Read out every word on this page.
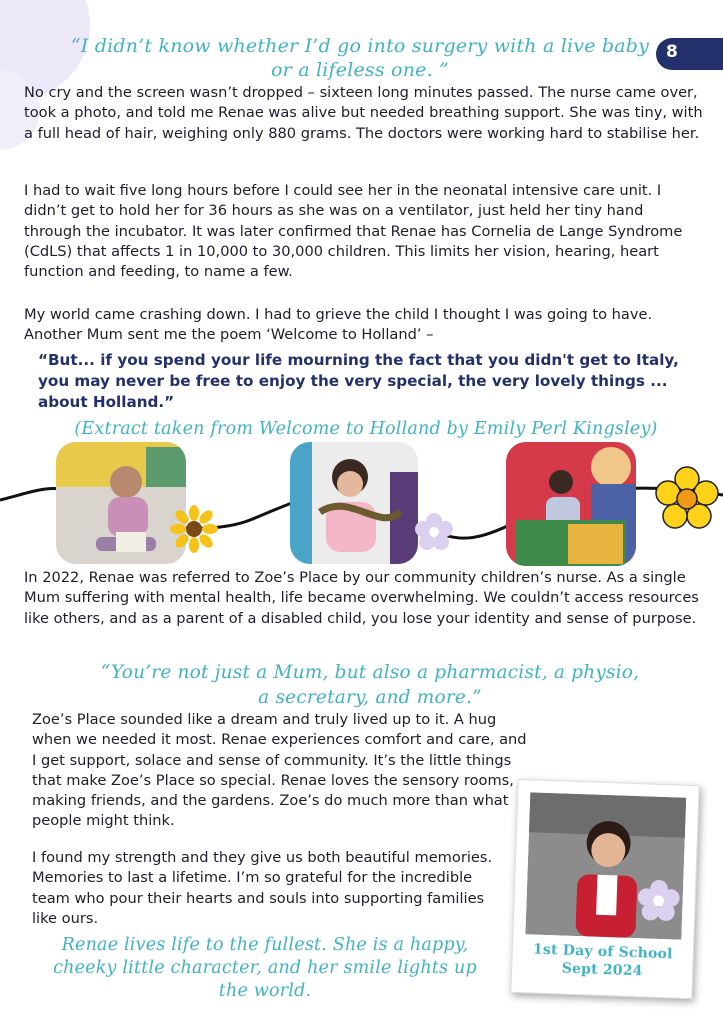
8
“I didn’t know whether I’d go into surgery with a live baby
or a lifeless one. ”

No cry and the screen wasn’t dropped – sixteen long minutes passed. The nurse came over, took a photo, and told me Renae was alive but needed breathing support. She was tiny, with a full head of hair, weighing only 880 grams. The doctors were working hard to stabilise her.

I had to wait five long hours before I could see her in the neonatal intensive care unit. I didn’t get to hold her for 36 hours as she was on a ventilator, just held her tiny hand through the incubator. It was later confirmed that Renae has Cornelia de Lange Syndrome (CdLS) that affects 1 in 10,000 to 30,000 children. This limits her vision, hearing, heart function and feeding, to name a few.

My world came crashing down. I had to grieve the child I thought I was going to have. Another Mum sent me the poem ‘Welcome to Holland’ –

“But... if you spend your life mourning the fact that you didn't get to Italy, you may never be free to enjoy the very special, the very lovely things ... about Holland.”

(Extract taken from Welcome to Holland by Emily Perl Kingsley)

In 2022, Renae was referred to Zoe’s Place by our community children’s nurse. As a single Mum suffering with mental health, life became overwhelming. We couldn’t access resources like others, and as a parent of a disabled child, you lose your identity and sense of purpose.

“You’re not just a Mum, but also a pharmacist, a physio,
a secretary, and more.”

Zoe’s Place sounded like a dream and truly lived up to it. A hug when we needed it most. Renae experiences comfort and care, and I get support, solace and sense of community. It’s the little things that make Zoe’s Place so special. Renae loves the sensory rooms, making friends, and the gardens. Zoe’s do much more than what people might think.

I found my strength and they give us both beautiful memories. Memories to last a lifetime. I’m so grateful for the incredible team who pour their hearts and souls into supporting families like ours.

Renae lives life to the fullest. She is a happy,
cheeky little character, and her smile lights up
the world.
1st Day of School
Sept 2024
